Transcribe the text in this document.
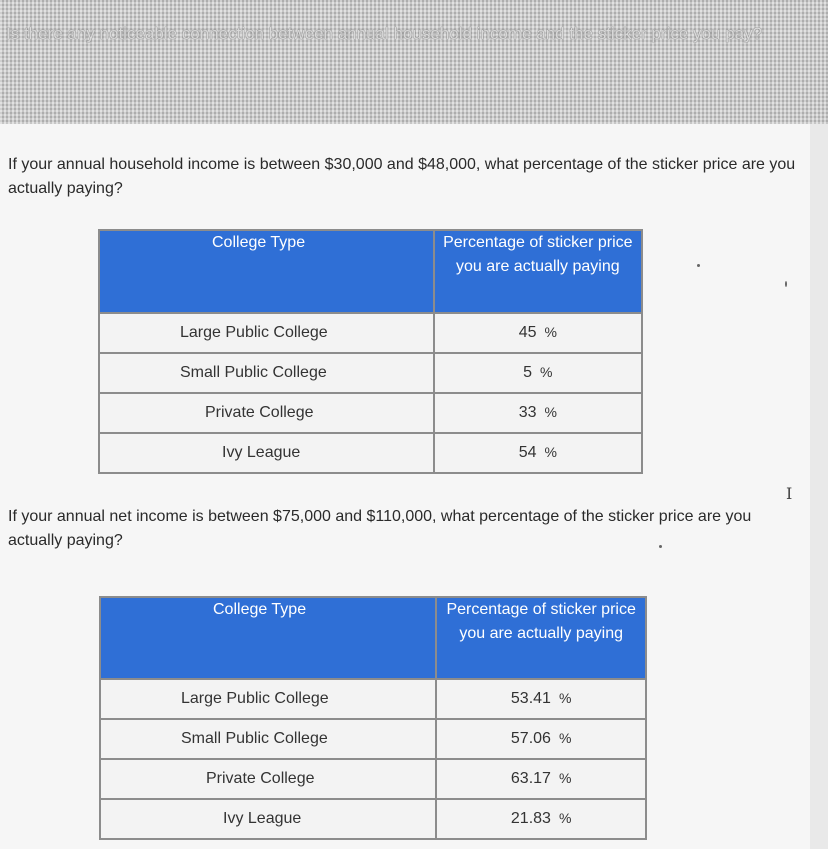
Is there any noticeable connection between annual household income and the sticker price you pay?
If your annual household income is between $30,000 and $48,000, what percentage of the sticker price are you actually paying?
College Type	Percentage of sticker price you are actually paying
Large Public College	45 %
Small Public College	5 %
Private College	33 %
Ivy League	54 %
If your annual net income is between $75,000 and $110,000, what percentage of the sticker price are you actually paying?
I
College Type	Percentage of sticker price you are actually paying
Large Public College	53.41 %
Small Public College	57.06 %
Private College	63.17 %
Ivy League	21.83 %
